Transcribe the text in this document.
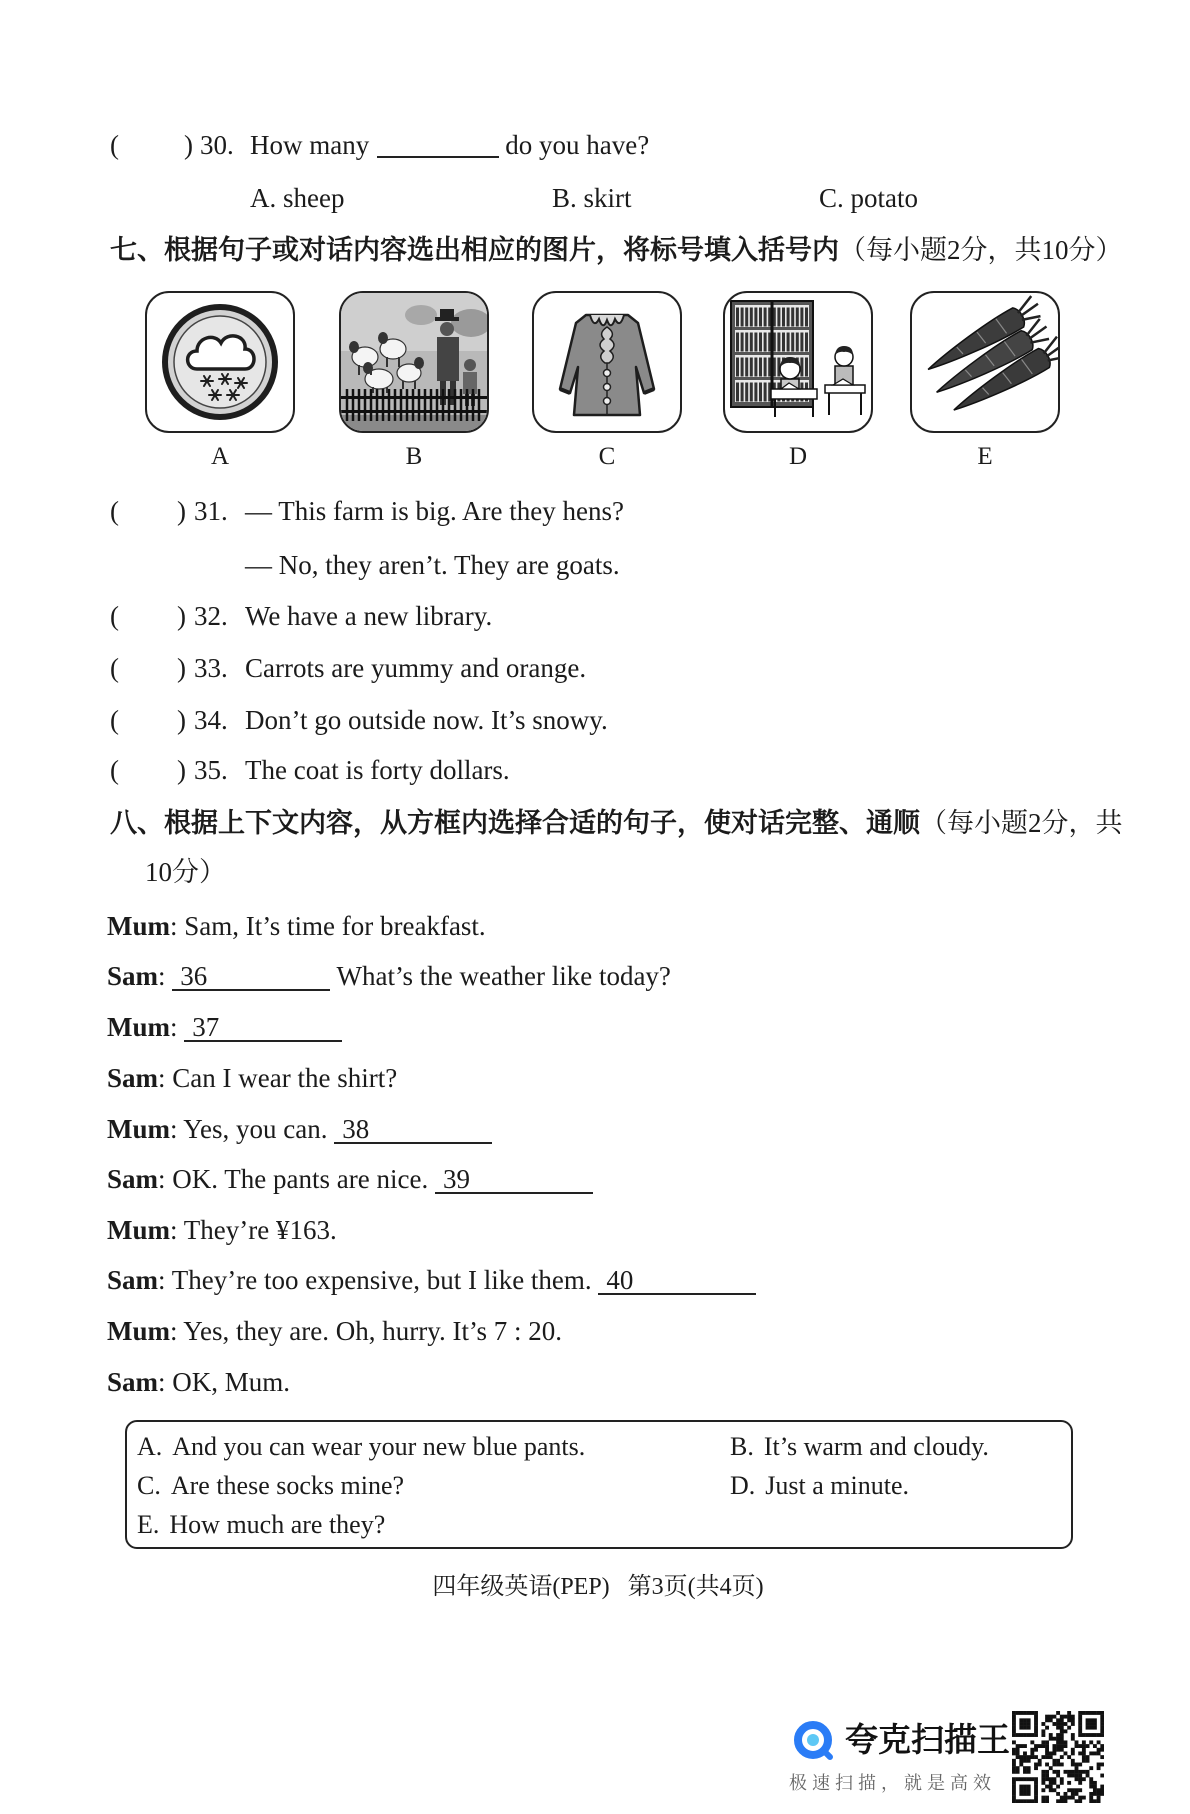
( ) 30. How many	do you have?
A. sheep	B. skirt	C. potato
七、根据句子或对话内容选出相应的图片，将标号填入括号内（每小题2分，共10分）
A	B	C	D	E
( ) 31. — This farm is big. Are they hens?
— No, they aren’t. They are goats.
( ) 32. We have a new library.
( ) 33. Carrots are yummy and orange.
( ) 34. Don’t go outside now. It’s snowy.
( ) 35. The coat is forty dollars.
八、根据上下文内容，从方框内选择合适的句子，使对话完整、通顺（每小题2分，共
10分）
Mum: Sam, It’s time for breakfast.
Sam: 36	What’s the weather like today?
Mum: 37
Sam: Can I wear the shirt?
Mum: Yes, you can. 38
Sam: OK. The pants are nice. 39
Mum: They’re ¥163.
Sam: They’re too expensive, but I like them. 40
Mum: Yes, they are. Oh, hurry. It’s 7 : 20.
Sam: OK, Mum.
A. And you can wear your new blue pants.	B. It’s warm and cloudy.
C. Are these socks mine?	D. Just a minute.
E. How much are they?
四年级英语(PEP) 第3页(共4页)
夸克扫描王
极速扫描，就是高效
